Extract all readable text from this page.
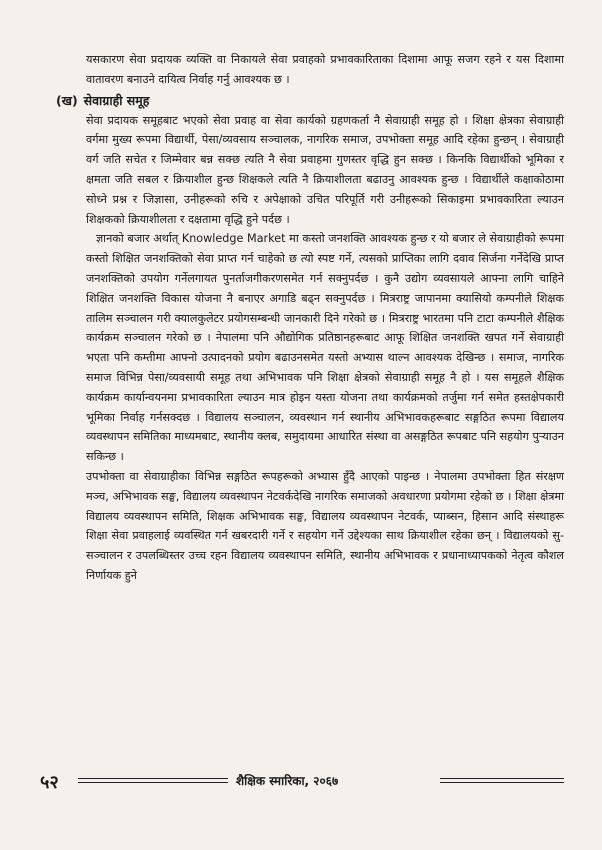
यसकारण सेवा प्रदायक व्यक्ति वा निकायले सेवा प्रवाहको प्रभावकारिताका दिशामा आफू सजग रहने र यस दिशामा वातावरण बनाउने दायित्व निर्वाह गर्नु आवश्यक छ ।

(ख) सेवाग्राही समूह

सेवा प्रदायक समूहबाट भएको सेवा प्रवाह वा सेवा कार्यको ग्रहणकर्ता नै सेवाग्राही समूह हो । शिक्षा क्षेत्रका सेवाग्राही वर्गमा मुख्य रूपमा विद्यार्थी, पेसा/व्यवसाय सञ्चालक, नागरिक समाज, उपभोक्ता समूह आदि रहेका हुन्छन् । सेवाग्राही वर्ग जति सचेत र जिम्मेवार बन्न सक्छ त्यति नै सेवा प्रवाहमा गुणस्तर वृद्धि हुन सक्छ । किनकि विद्यार्थीको भूमिका र क्षमता जति सबल र क्रियाशील हुन्छ शिक्षकले त्यति नै क्रियाशीलता बढाउनु आवश्यक हुन्छ । विद्यार्थीले कक्षाकोठामा सोध्ने प्रश्न र जिज्ञासा, उनीहरूको रुचि र अपेक्षाको उचित परिपूर्ति गरी उनीहरूको सिकाइमा प्रभावकारिता ल्याउन शिक्षकको क्रियाशीलता र दक्षतामा वृद्धि हुने पर्दछ ।

ज्ञानको बजार अर्थात् Knowledge Market मा कस्तो जनशक्ति आवश्यक हुन्छ र यो बजार ले सेवाग्राहीको रूपमा कस्तो शिक्षित जनशक्तिको सेवा प्राप्त गर्न चाहेको छ त्यो स्पष्ट गर्ने, त्यसको प्राप्तिका लागि दवाव सिर्जना गर्नेदेखि प्राप्त जनशक्तिको उपयोग गर्नेलगायत पुनर्ताजगीकरणसमेत गर्न सक्नुपर्दछ । कुनै उद्योग व्यवसायले आफ्ना लागि चाहिने शिक्षित जनशक्ति विकास योजना नै बनाएर अगाडि बढ्न सक्नुपर्दछ । मित्रराष्ट्र जापानमा क्यासियो कम्पनीले शिक्षक तालिम सञ्चालन गरी क्यालकुलेटर प्रयोगसम्बन्धी जानकारी दिने गरेको छ । मित्रराष्ट्र भारतमा पनि टाटा कम्पनीले शैक्षिक कार्यक्रम सञ्चालन गरेको छ । नेपालमा पनि औद्योगिक प्रतिष्ठानहरूबाट आफू शिक्षित जनशक्ति खपत गर्ने सेवाग्राही भएता पनि कम्तीमा आफ्नो उत्पादनको प्रयोग बढाउनसमेत यस्तो अभ्यास थाल्न आवश्यक देखिन्छ । समाज, नागरिक समाज विभिन्न पेसा/व्यवसायी समूह तथा अभिभावक पनि शिक्षा क्षेत्रको सेवाग्राही समूह नै हो । यस समूहले शैक्षिक कार्यक्रम कार्यान्वयनमा प्रभावकारिता ल्याउन मात्र होइन यस्ता योजना तथा कार्यक्रमको तर्जुमा गर्न समेत हस्तक्षेपकारी भूमिका निर्वाह गर्नसक्दछ । विद्यालय सञ्चालन, व्यवस्थान गर्न स्थानीय अभिभावकहरूबाट सङ्गठित रूपमा विद्यालय व्यवस्थापन समितिका माध्यमबाट, स्थानीय क्लब, समुदायमा आधारित संस्था वा असङ्गठित रूपबाट पनि सहयोग पुऱ्याउन सकिन्छ ।

उपभोक्ता वा सेवाग्राहीका विभिन्न सङ्गठित रूपहरूको अभ्यास हुँदै आएको पाइन्छ । नेपालमा उपभोक्ता हित संरक्षण मञ्च, अभिभावक सङ्घ, विद्यालय व्यवस्थापन नेटवर्कदेखि नागरिक समाजको अवधारणा प्रयोगमा रहेको छ । शिक्षा क्षेत्रमा विद्यालय व्यवस्थापन समिति, शिक्षक अभिभावक सङ्घ, विद्यालय व्यवस्थापन नेटवर्क, प्याब्सन, हिसान आदि संस्थाहरू शिक्षा सेवा प्रवाहलाई व्यवस्थित गर्न खबरदारी गर्ने र सहयोग गर्ने उद्देश्यका साथ क्रियाशील रहेका छन् । विद्यालयको सु-सञ्चालन र उपलब्धिस्तर उच्च रहन विद्यालय व्यवस्थापन समिति, स्थानीय अभिभावक र प्रधानाध्यापकको नेतृत्व कौशल निर्णायक हुने

५२	शैक्षिक स्मारिका, २०६७
